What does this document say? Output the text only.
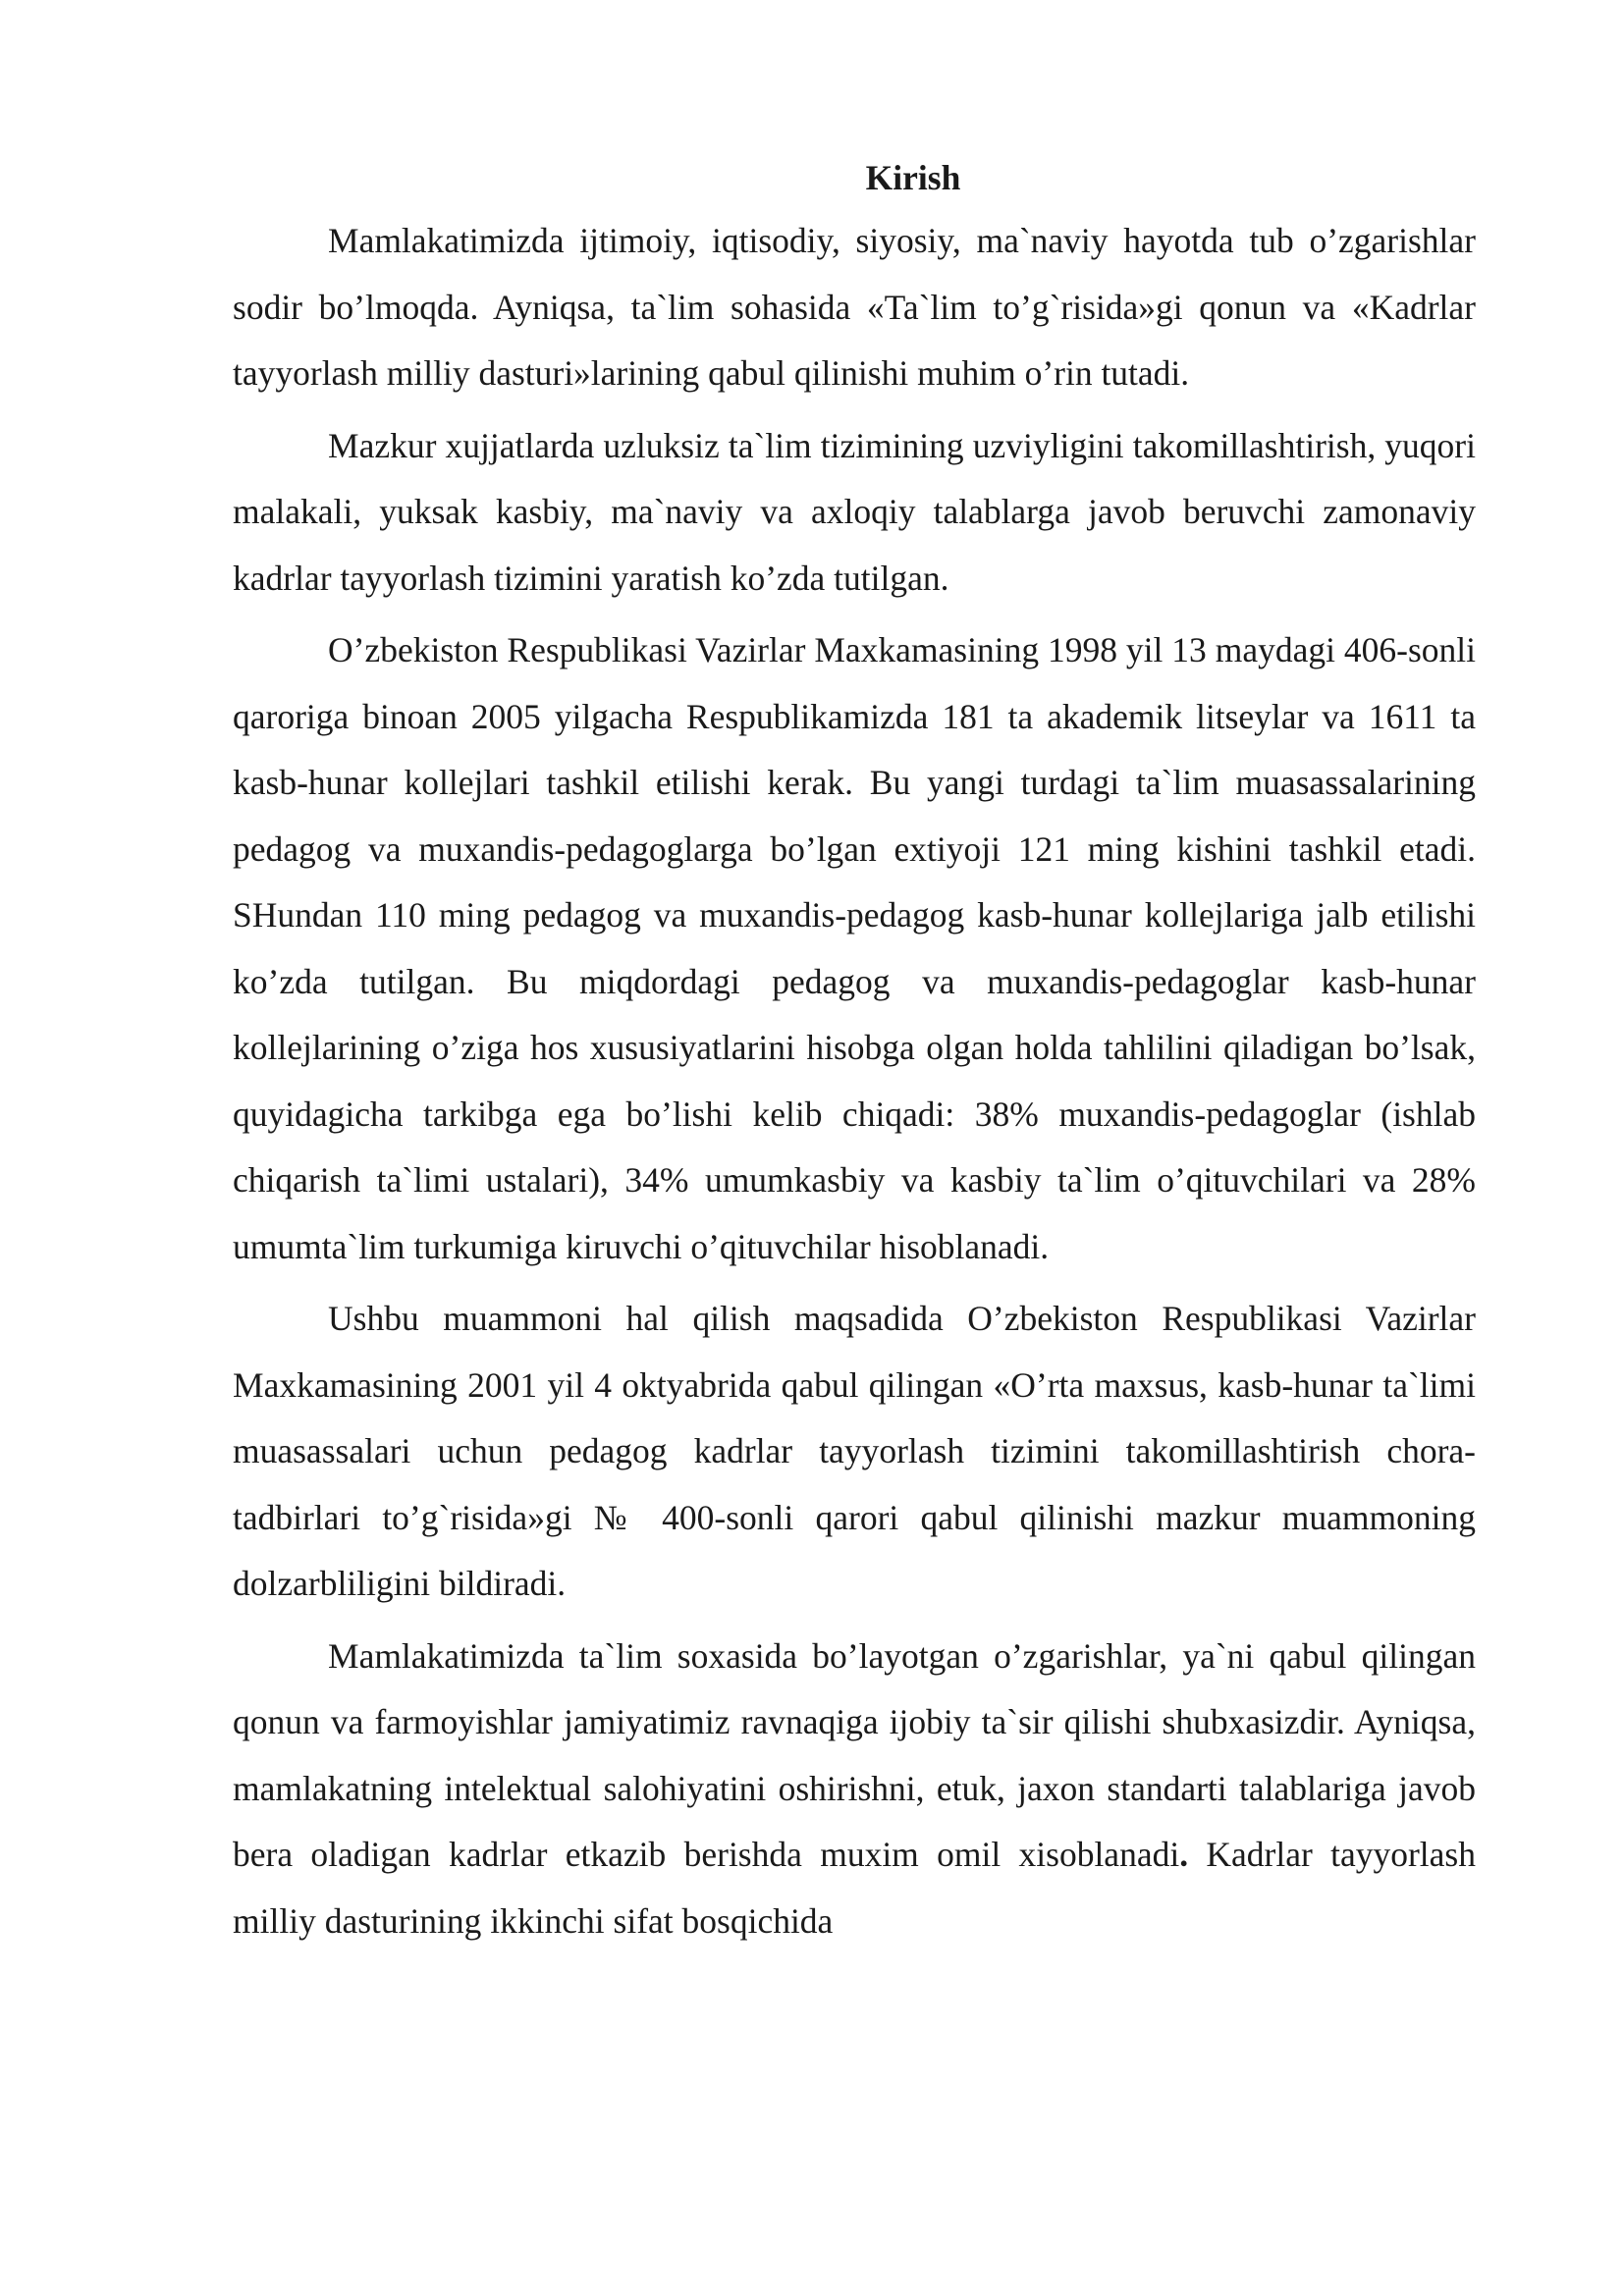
Kirish

Mamlakatimizda ijtimoiy, iqtisodiy, siyosiy, ma`naviy hayotda tub o’zgarishlar sodir bo’lmoqda. Ayniqsa, ta`lim sohasida «Ta`lim to’g`risida»gi qonun va «Kadrlar tayyorlash milliy dasturi»larining qabul qilinishi muhim o’rin tutadi.

Mazkur xujjatlarda uzluksiz ta`lim tizimining uzviyligini takomillashtirish, yuqori malakali, yuksak kasbiy, ma`naviy va axloqiy talablarga javob beruvchi zamonaviy kadrlar tayyorlash tizimini yaratish ko’zda tutilgan.

O’zbekiston Respublikasi Vazirlar Maxkamasining 1998 yil 13 maydagi 406-sonli qaroriga binoan 2005 yilgacha Respublikamizda 181 ta akademik litseylar va 1611 ta kasb-hunar kollejlari tashkil etilishi kerak. Bu yangi turdagi ta`lim muasassalarining pedagog va muxandis-pedagoglarga bo’lgan extiyoji 121 ming kishini tashkil etadi. SHundan 110 ming pedagog va muxandis-pedagog kasb-hunar kollejlariga jalb etilishi ko’zda tutilgan. Bu miqdordagi pedagog va muxandis-pedagoglar kasb-hunar kollejlarining o’ziga hos xususiyatlarini hisobga olgan holda tahlilini qiladigan bo’lsak, quyidagicha tarkibga ega bo’lishi kelib chiqadi: 38% muxandis-pedagoglar (ishlab chiqarish ta`limi ustalari), 34% umumkasbiy va kasbiy ta`lim o’qituvchilari va 28% umumta`lim turkumiga kiruvchi o’qituvchilar hisoblanadi.

Ushbu muammoni hal qilish maqsadida O’zbekiston Respublikasi Vazirlar Maxkamasining 2001 yil 4 oktyabrida qabul qilingan «O’rta maxsus, kasb-hunar ta`limi muasassalari uchun pedagog kadrlar tayyorlash tizimini takomillashtirish chora-tadbirlari to’g`risida»gi № 400-sonli qarori qabul qilinishi mazkur muammoning dolzarbliligini bildiradi.

Mamlakatimizda ta`lim soxasida bo’layotgan o’zgarishlar, ya`ni qabul qilingan qonun va farmoyishlar jamiyatimiz ravnaqiga ijobiy ta`sir qilishi shubxasizdir. Ayniqsa, mamlakatning intelektual salohiyatini oshirishni, etuk, jaxon standarti talablariga javob bera oladigan kadrlar etkazib berishda muxim omil xisoblanadi. Kadrlar tayyorlash milliy dasturining ikkinchi sifat bosqichida
